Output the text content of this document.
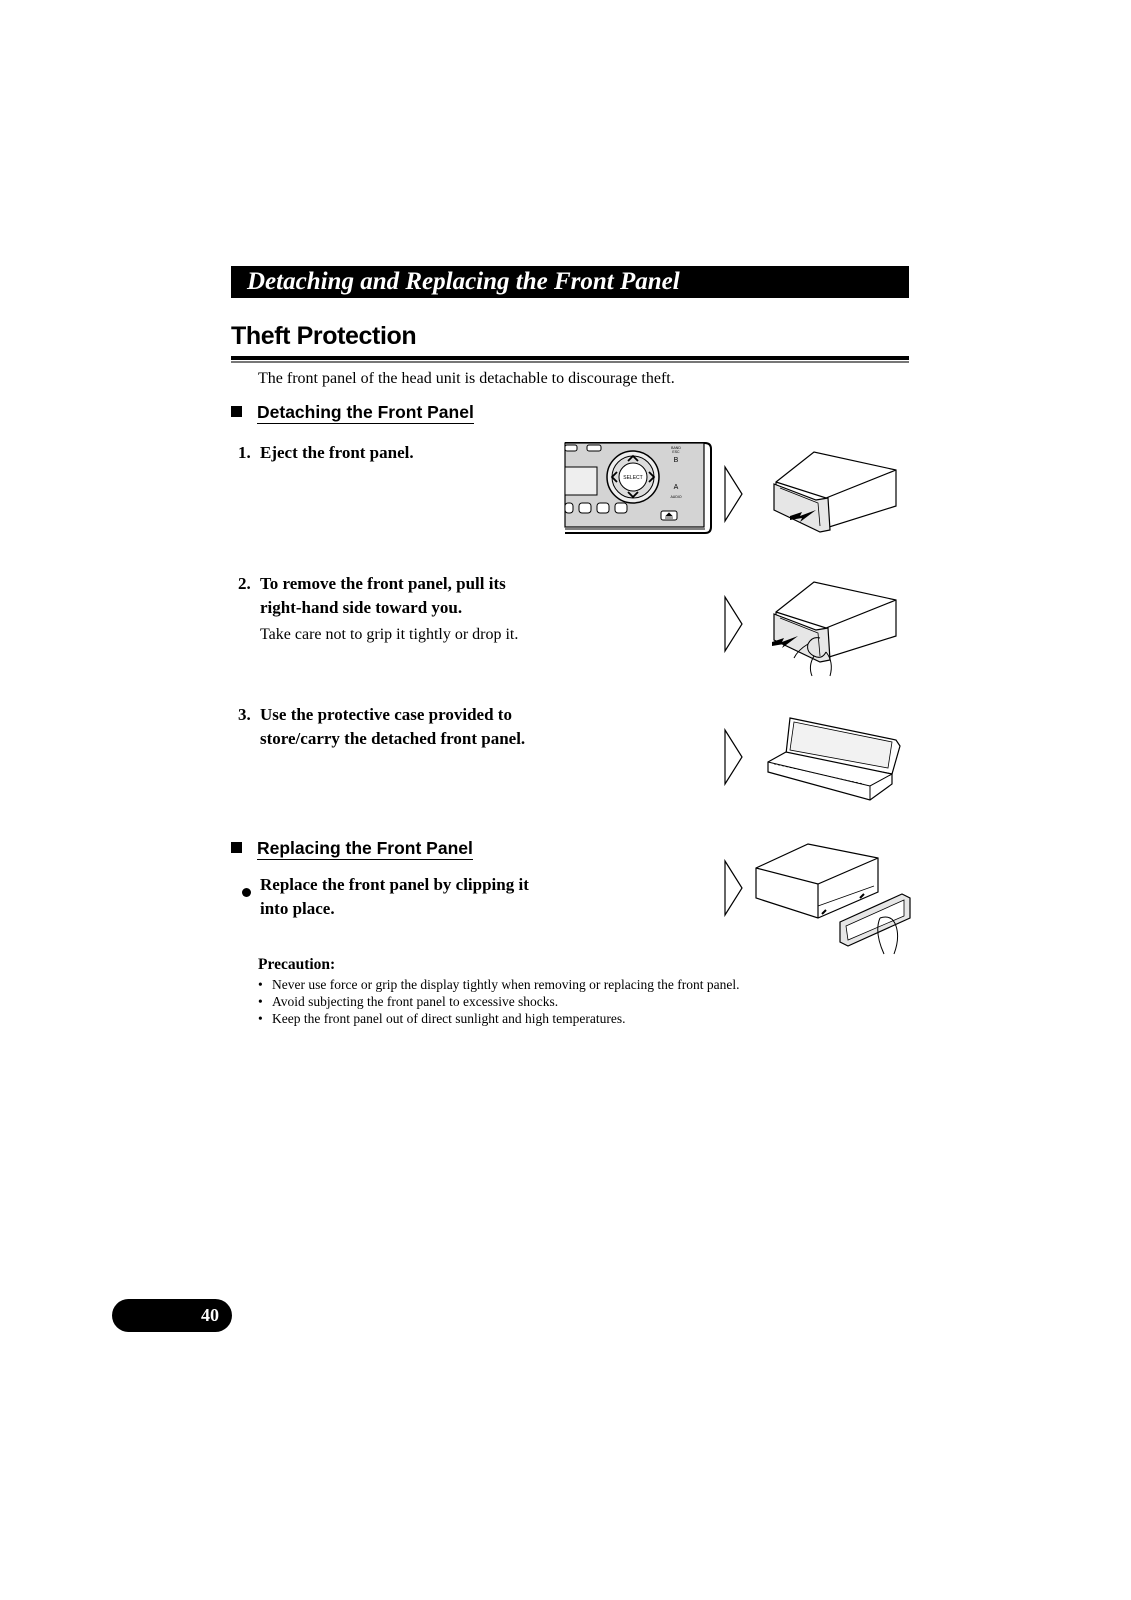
Detaching and Replacing the Front Panel
Theft Protection
The front panel of the head unit is detachable to discourage theft.
Detaching the Front Panel
1. Eject the front panel.
2. To remove the front panel, pull its
right-hand side toward you.
Take care not to grip it tightly or drop it.
3. Use the protective case provided to
store/carry the detached front panel.
Replacing the Front Panel
Replace the front panel by clipping it
into place.
Precaution:
• Never use force or grip the display tightly when removing or replacing the front panel.
• Avoid subjecting the front panel to excessive shocks.
• Keep the front panel out of direct sunlight and high temperatures.
SELECT
BAND
ESC
B
A
AUDIO
40
